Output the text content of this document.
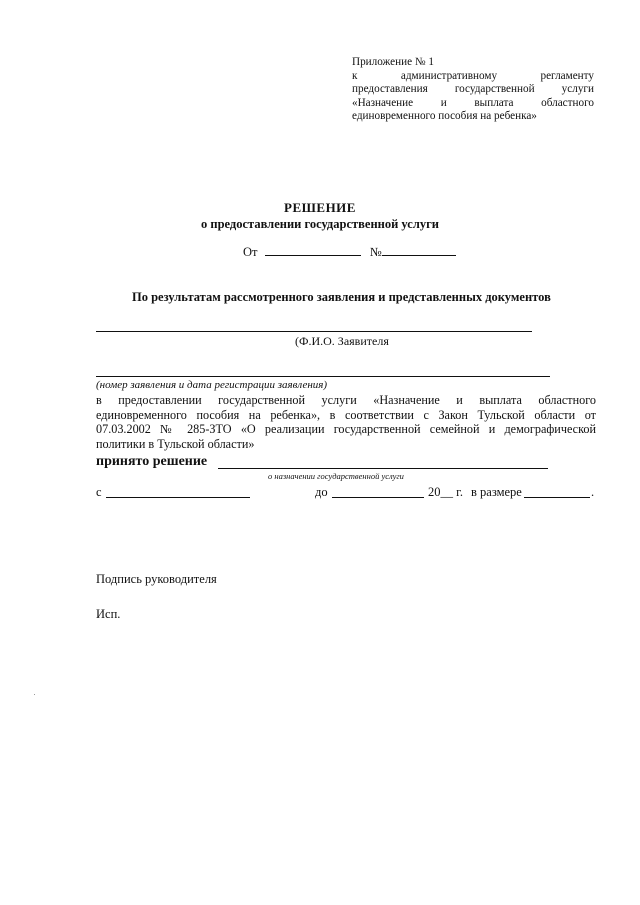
Приложение № 1
к административному регламенту
предоставления государственной услуги
«Назначение и выплата областного
единовременного пособия на ребенка»
РЕШЕНИЕ
о предоставлении государственной услуги
От	№
По результатам рассмотренного заявления и представленных документов
(Ф.И.О. Заявителя
(номер заявления и дата регистрации заявления)
в предоставлении государственной услуги «Назначение и выплата областного
единовременного пособия на ребенка», в соответствии с Закон Тульской области от
07.03.2002 № 285-ЗТО «О реализации государственной семейной и демографической
политики в Тульской области»
принято решение
о назначении государственной услуги
с	до	20__ г. в размере	.
Подпись руководителя
Исп.
